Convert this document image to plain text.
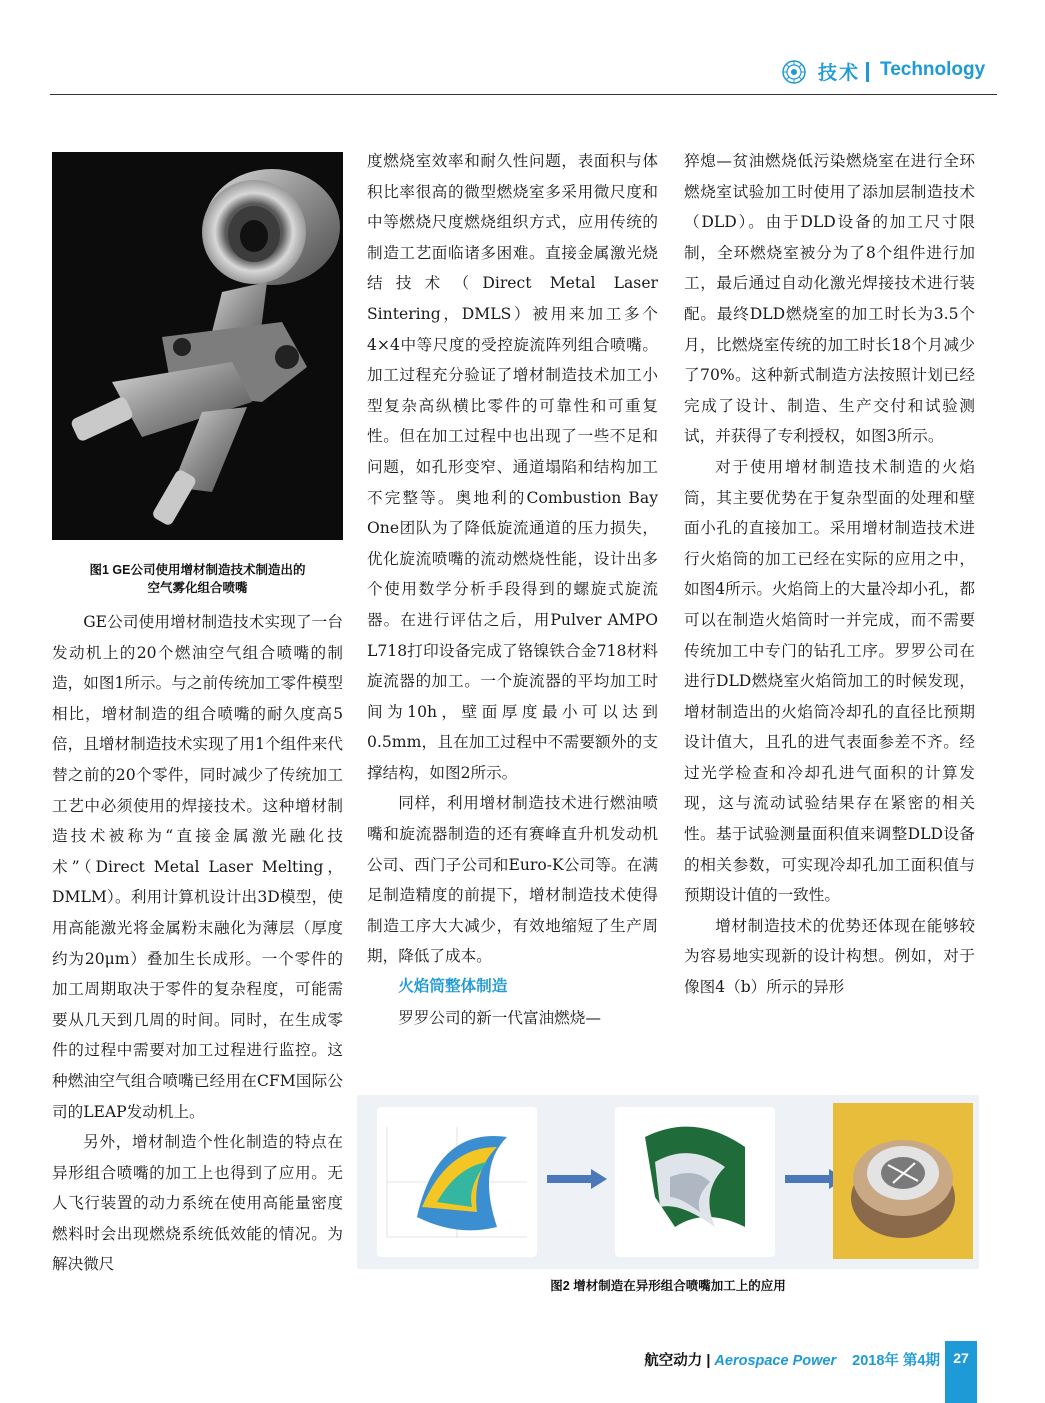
技术 Technology
图1 GE公司使用增材制造技术制造出的
空气雾化组合喷嘴

GE公司使用增材制造技术实现了一台发动机上的20个燃油空气组合喷嘴的制造，如图1所示。与之前传统加工零件模型相比，增材制造的组合喷嘴的耐久度高5倍，且增材制造技术实现了用1个组件来代替之前的20个零件，同时减少了传统加工工艺中必须使用的焊接技术。这种增材制造技术被称为“直接金属激光融化技术”（Direct Metal Laser Melting，DMLM）。利用计算机设计出3D模型，使用高能激光将金属粉末融化为薄层（厚度约为20μm）叠加生长成形。一个零件的加工周期取决于零件的复杂程度，可能需要从几天到几周的时间。同时，在生成零件的过程中需要对加工过程进行监控。这种燃油空气组合喷嘴已经用在CFM国际公司的LEAP发动机上。

另外，增材制造个性化制造的特点在异形组合喷嘴的加工上也得到了应用。无人飞行装置的动力系统在使用高能量密度燃料时会出现燃烧系统低效能的情况。为解决微尺

度燃烧室效率和耐久性问题，表面积与体积比率很高的微型燃烧室多采用微尺度和中等燃烧尺度燃烧组织方式，应用传统的制造工艺面临诸多困难。直接金属激光烧结技术（Direct Metal Laser Sintering，DMLS）被用来加工多个4×4中等尺度的受控旋流阵列组合喷嘴。加工过程充分验证了增材制造技术加工小型复杂高纵横比零件的可靠性和可重复性。但在加工过程中也出现了一些不足和问题，如孔形变窄、通道塌陷和结构加工不完整等。奥地利的Combustion Bay One团队为了降低旋流通道的压力损失，优化旋流喷嘴的流动燃烧性能，设计出多个使用数学分析手段得到的螺旋式旋流器。在进行评估之后，用Pulver AMPO L718打印设备完成了铬镍铁合金718材料旋流器的加工。一个旋流器的平均加工时间为10h，壁面厚度最小可以达到0.5mm，且在加工过程中不需要额外的支撑结构，如图2所示。

同样，利用增材制造技术进行燃油喷嘴和旋流器制造的还有赛峰直升机发动机公司、西门子公司和Euro-K公司等。在满足制造精度的前提下，增材制造技术使得制造工序大大减少，有效地缩短了生产周期，降低了成本。

火焰筒整体制造

罗罗公司的新一代富油燃烧—

猝熄—贫油燃烧低污染燃烧室在进行全环燃烧室试验加工时使用了添加层制造技术（DLD）。由于DLD设备的加工尺寸限制，全环燃烧室被分为了8个组件进行加工，最后通过自动化激光焊接技术进行装配。最终DLD燃烧室的加工时长为3.5个月，比燃烧室传统的加工时长18个月减少了70%。这种新式制造方法按照计划已经完成了设计、制造、生产交付和试验测试，并获得了专利授权，如图3所示。

对于使用增材制造技术制造的火焰筒，其主要优势在于复杂型面的处理和壁面小孔的直接加工。采用增材制造技术进行火焰筒的加工已经在实际的应用之中，如图4所示。火焰筒上的大量冷却小孔，都可以在制造火焰筒时一并完成，而不需要传统加工中专门的钻孔工序。罗罗公司在进行DLD燃烧室火焰筒加工的时候发现，增材制造出的火焰筒冷却孔的直径比预期设计值大，且孔的进气表面参差不齐。经过光学检查和冷却孔进气面积的计算发现，这与流动试验结果存在紧密的相关性。基于试验测量面积值来调整DLD设备的相关参数，可实现冷却孔加工面积值与预期设计值的一致性。

增材制造技术的优势还体现在能够较为容易地实现新的设计构想。例如，对于像图4（b）所示的异形

图2 增材制造在异形组合喷嘴加工上的应用
航空动力 | Aerospace Power 2018年 第4期 27
